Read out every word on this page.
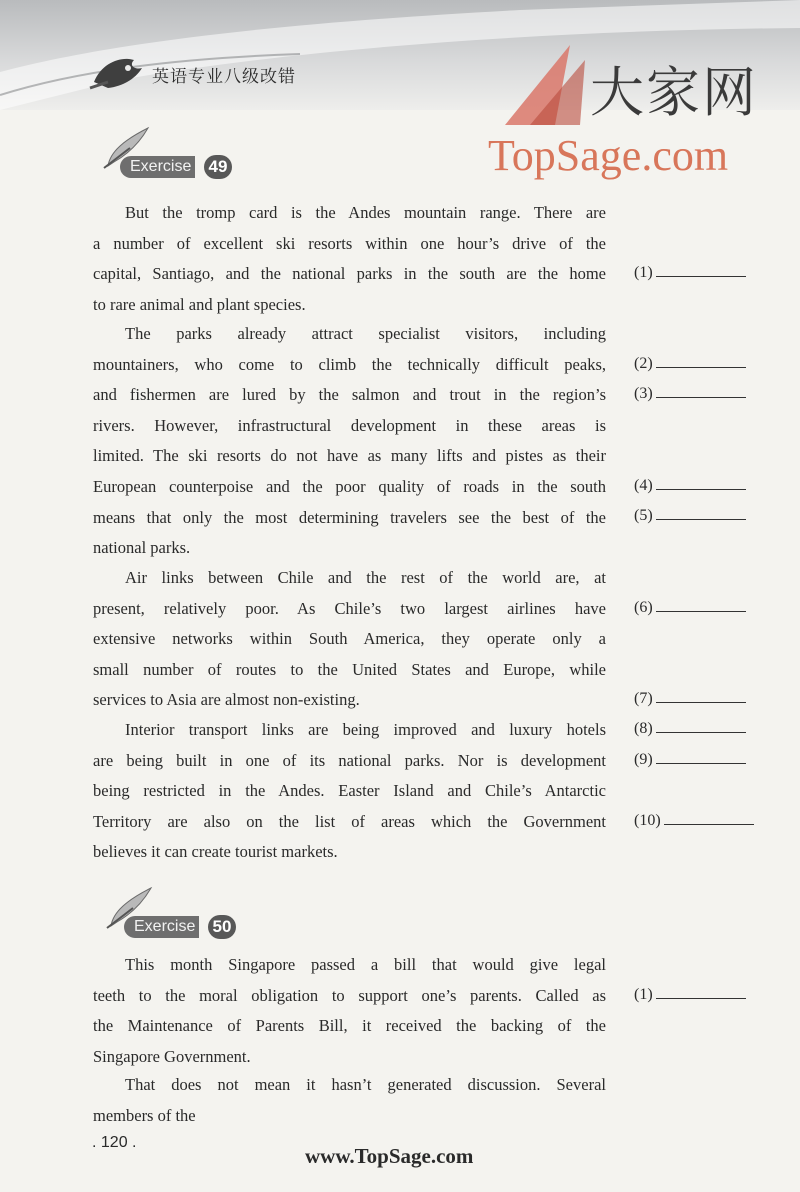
英语专业八级改错	大家网
TopSage.com
Exercise 49
But the tromp card is the Andes mountain range. There are
a number of excellent ski resorts within one hour’s drive of the
capital, Santiago, and the national parks in the south are the home
to rare animal and plant species.
The parks already attract specialist visitors, including
mountainers, who come to climb the technically difficult peaks,
and fishermen are lured by the salmon and trout in the region’s
rivers. However, infrastructural development in these areas is
limited. The ski resorts do not have as many lifts and pistes as their
European counterpoise and the poor quality of roads in the south
means that only the most determining travelers see the best of the
national parks.
Air links between Chile and the rest of the world are, at
present, relatively poor. As Chile’s two largest airlines have
extensive networks within South America, they operate only a
small number of routes to the United States and Europe, while
services to Asia are almost non-existing.
Interior transport links are being improved and luxury hotels
are being built in one of its national parks. Nor is development
being restricted in the Andes. Easter Island and Chile’s Antarctic
Territory are also on the list of areas which the Government
believes it can create tourist markets.
(1)
(2)
(3)
(4)
(5)
(6)
(7)
(8)
(9)
(10)
Exercise 50
This month Singapore passed a bill that would give legal
teeth to the moral obligation to support one’s parents. Called as
the Maintenance of Parents Bill, it received the backing of the
Singapore Government.
That does not mean it hasn’t generated discussion. Several
members of the
(1)
. 120 .
www.TopSage.com
